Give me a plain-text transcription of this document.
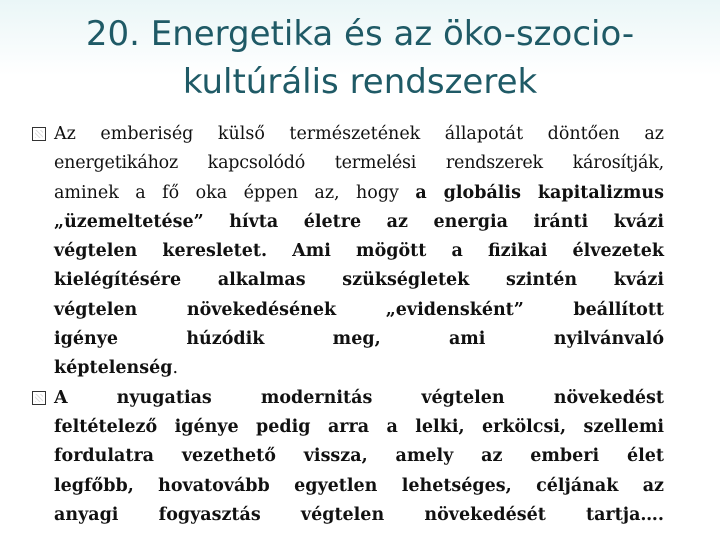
20. Energetika és az öko-szocio-
kultúrális rendszerek
Az emberiség külső természetének állapotát döntően az
energetikához kapcsolódó termelési rendszerek károsítják,
aminek a fő oka éppen az, hogy a globális kapitalizmus
„üzemeltetése” hívta életre az energia iránti kvázi
végtelen keresletet. Ami mögött a fizikai élvezetek
kielégítésére alkalmas szükségletek szintén kvázi
végtelen növekedésének „evidensként” beállított
igénye húzódik meg, ami nyilvánvaló
képtelenség.
A nyugatias modernitás végtelen növekedést
feltételező igénye pedig arra a lelki, erkölcsi, szellemi
fordulatra vezethető vissza, amely az emberi élet
legfőbb, hovatovább egyetlen lehetséges, céljának az
anyagi fogyasztás végtelen növekedését tartja….
